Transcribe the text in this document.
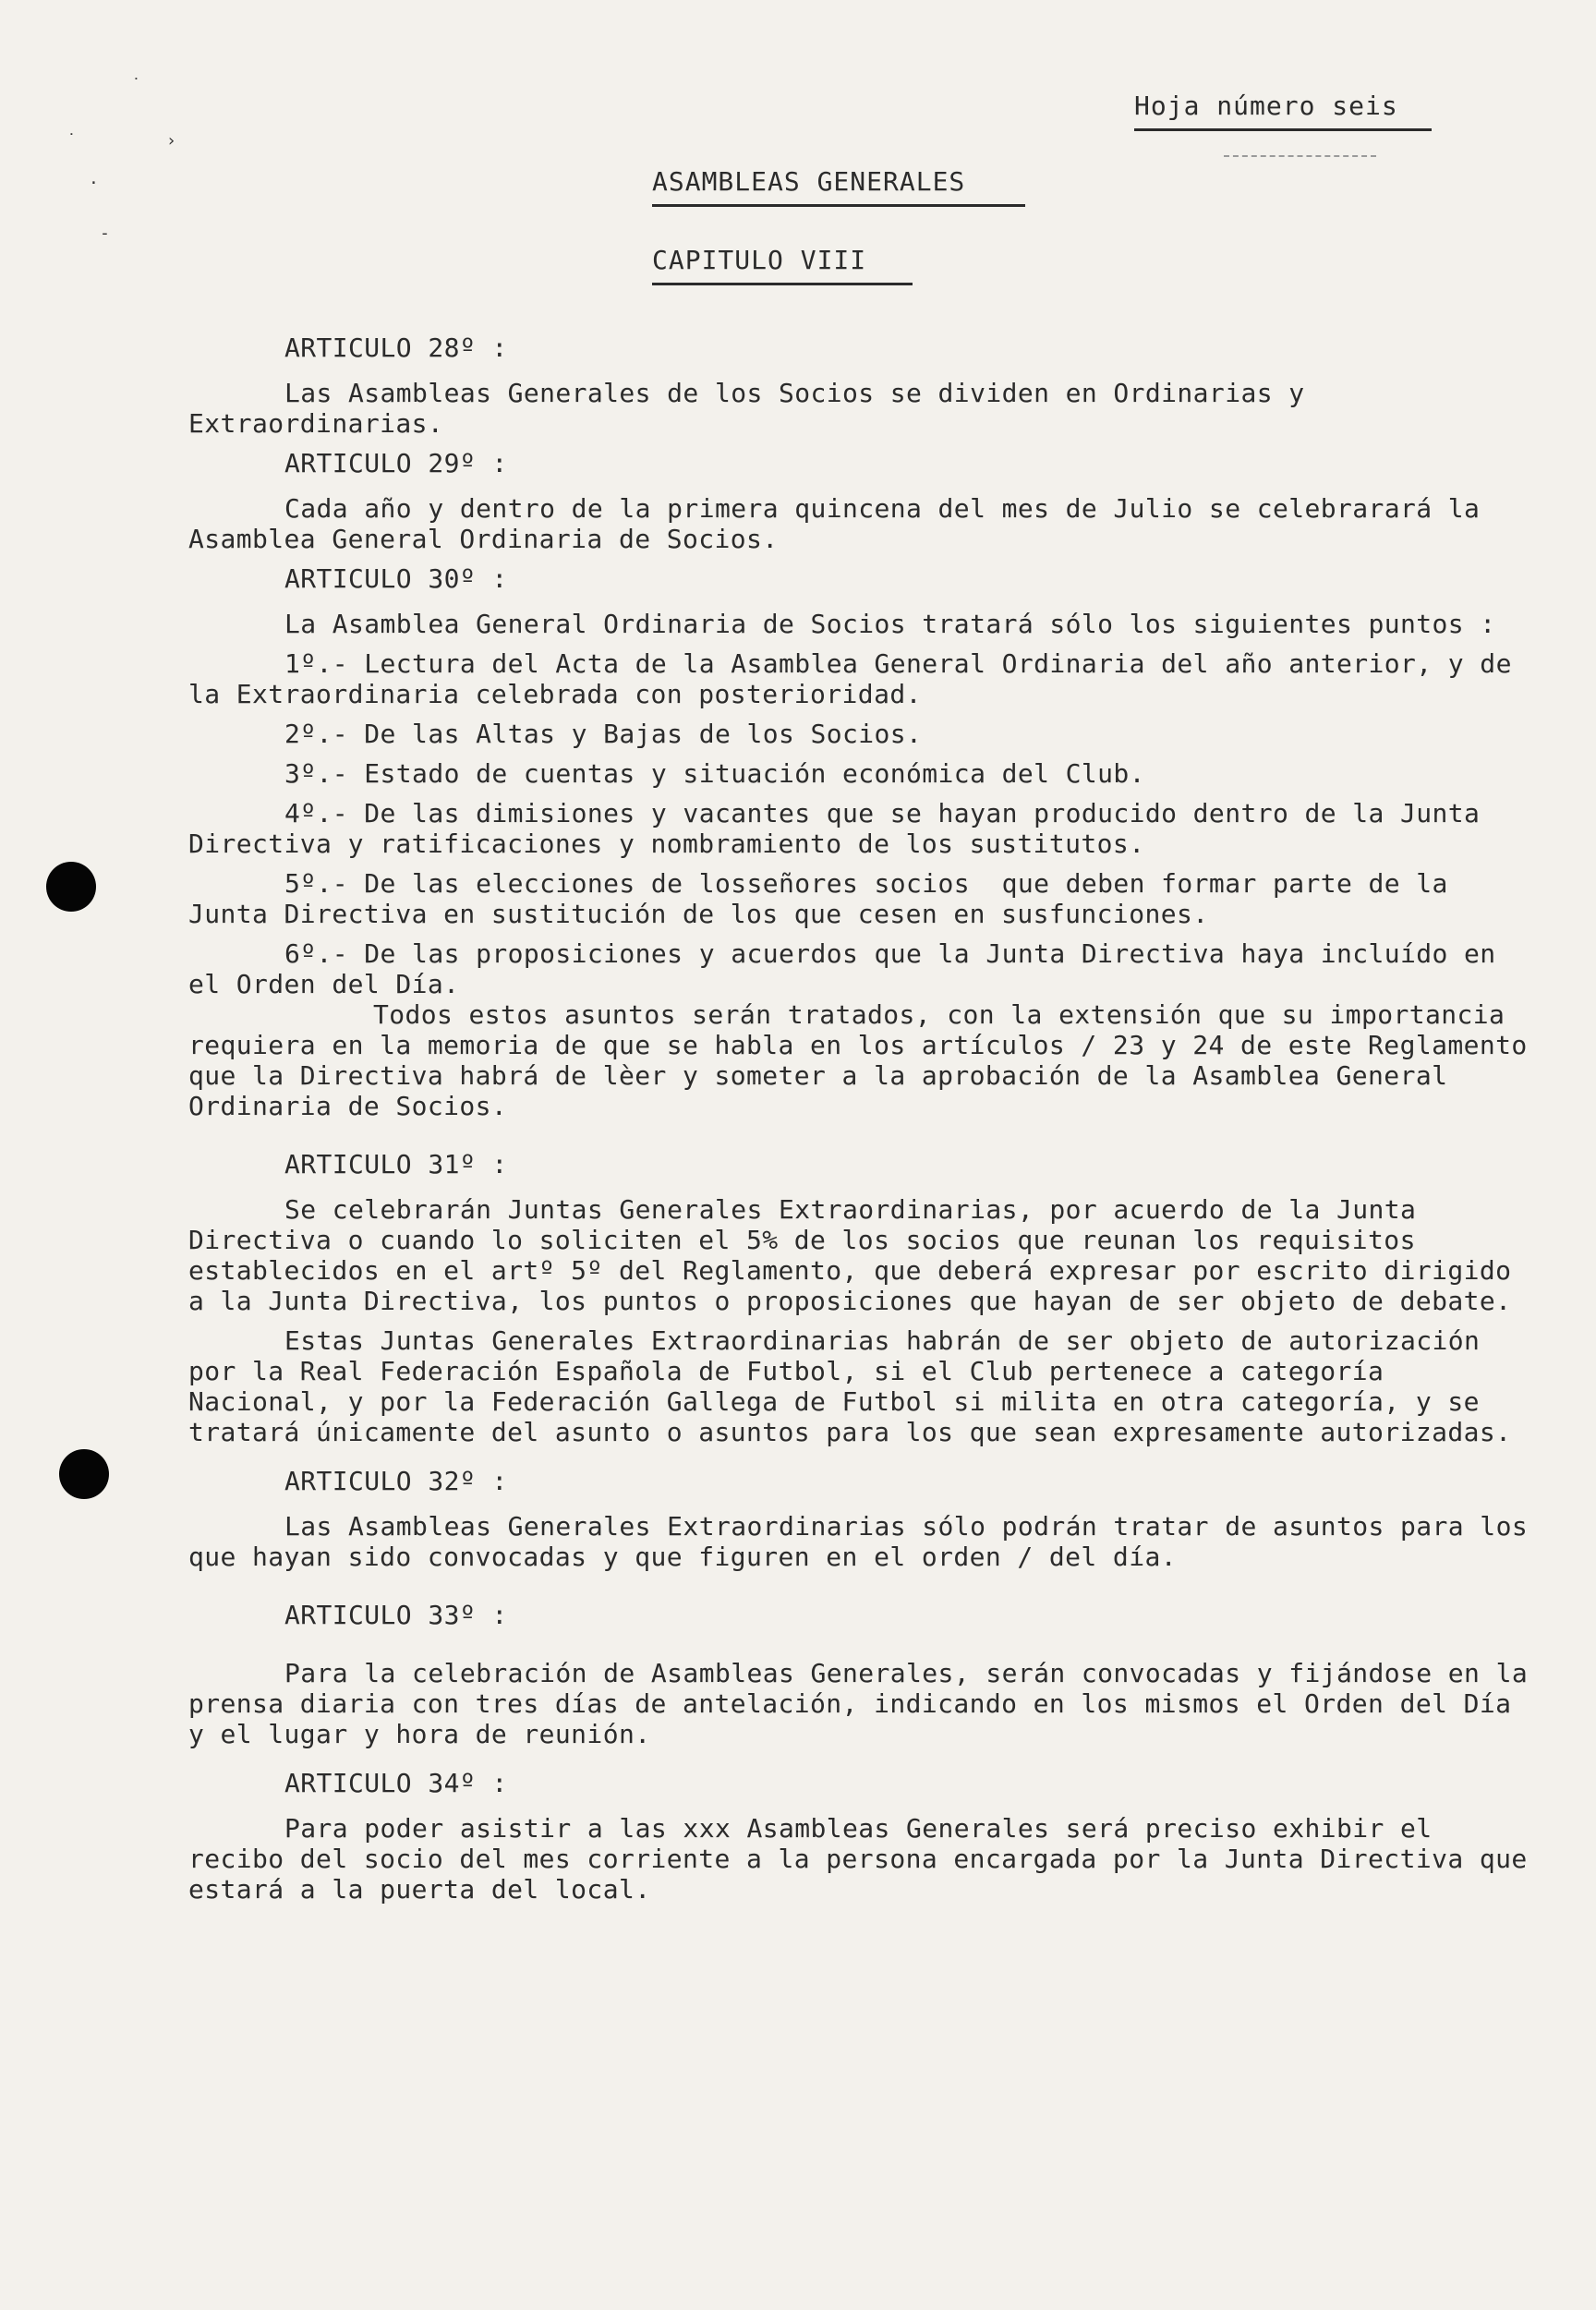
˙
˙	›
·
-
Hoja número seis
ASAMBLEAS GENERALES
CAPITULO VIII
ARTICULO 28º :

Las Asambleas Generales de los Socios se dividen en Ordinarias y Extraordinarias.

ARTICULO 29º :

Cada año y dentro de la primera quincena del mes de Julio se celebrarará la Asamblea General Ordinaria de Socios.

ARTICULO 30º :

La Asamblea General Ordinaria de Socios tratará sólo los siguientes puntos :

1º.- Lectura del Acta de la Asamblea General Ordinaria del año anterior, y de la Extraordinaria celebrada con posterioridad.

2º.- De las Altas y Bajas de los Socios.

3º.- Estado de cuentas y situación económica del Club.

4º.- De las dimisiones y vacantes que se hayan producido dentro de la Junta Directiva y ratificaciones y nombramiento de los sustitutos.

5º.- De las elecciones de losseñores socios  que deben formar parte de la Junta Directiva en sustitución de los que cesen en susfunciones.

6º.- De las proposiciones y acuerdos que la Junta Directiva haya incluído en el Orden del Día.

Todos estos asuntos serán tratados, con la extensión que su importancia requiera en la memoria de que se habla en los artículos / 23 y 24 de este Reglamento que la Directiva habrá de lèer y someter a la aprobación de la Asamblea General Ordinaria de Socios.

ARTICULO 31º :

Se celebrarán Juntas Generales Extraordinarias, por acuerdo de la Junta Directiva o cuando lo soliciten el 5% de los socios que reunan los requisitos establecidos en el artº 5º del Reglamento, que deberá expresar por escrito dirigido a la Junta Directiva, los puntos o proposiciones que hayan de ser objeto de debate.

Estas Juntas Generales Extraordinarias habrán de ser objeto de autorización por la Real Federación Española de Futbol, si el Club pertenece a categoría Nacional, y por la Federación Gallega de Futbol si milita en otra categoría, y se tratará únicamente del asunto o asuntos para los que sean expresamente autorizadas.

ARTICULO 32º :

Las Asambleas Generales Extraordinarias sólo podrán tratar de asuntos para los que hayan sido convocadas y que figuren en el orden / del día.

ARTICULO 33º :

Para la celebración de Asambleas Generales, serán convocadas y fijándose en la prensa diaria con tres días de antelación, indicando en los mismos el Orden del Día y el lugar y hora de reunión.

ARTICULO 34º :

Para poder asistir a las xxx Asambleas Generales será preciso exhibir el recibo del socio del mes corriente a la persona encargada por la Junta Directiva que estará a la puerta del local.
